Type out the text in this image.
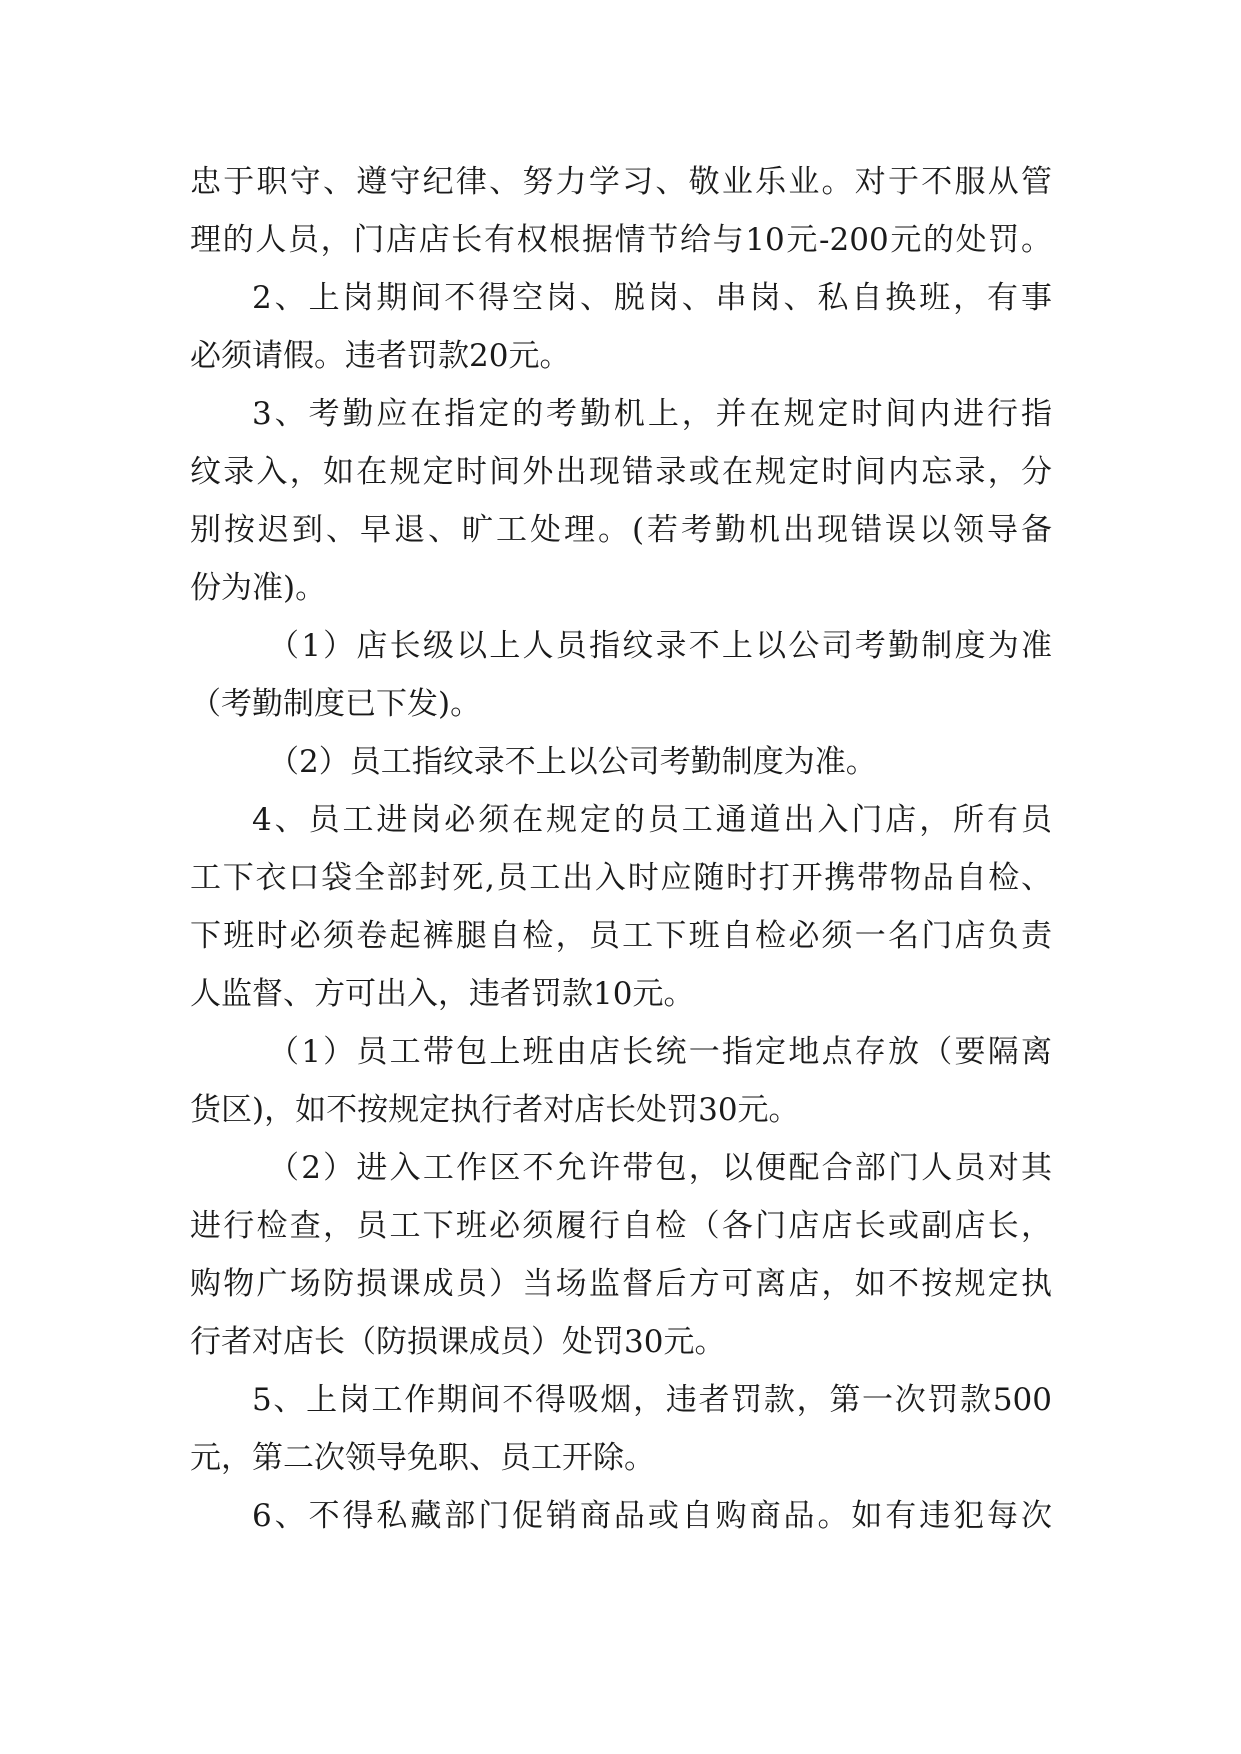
忠于职守、遵守纪律、努力学习、敬业乐业。对于不服从管
理的人员，门店店长有权根据情节给与10元-200元的处罚。
2、上岗期间不得空岗、脱岗、串岗、私自换班，有事
必须请假。违者罚款20元。
3、考勤应在指定的考勤机上，并在规定时间内进行指
纹录入，如在规定时间外出现错录或在规定时间内忘录，分
别按迟到、早退、旷工处理。(若考勤机出现错误以领导备
份为准)。
（1）店长级以上人员指纹录不上以公司考勤制度为准
（考勤制度已下发)。
（2）员工指纹录不上以公司考勤制度为准。
4、员工进岗必须在规定的员工通道出入门店，所有员
工下衣口袋全部封死,员工出入时应随时打开携带物品自检、
下班时必须卷起裤腿自检，员工下班自检必须一名门店负责
人监督、方可出入，违者罚款10元。
（1）员工带包上班由店长统一指定地点存放（要隔离
货区)，如不按规定执行者对店长处罚30元。
（2）进入工作区不允许带包，以便配合部门人员对其
进行检查，员工下班必须履行自检（各门店店长或副店长，
购物广场防损课成员）当场监督后方可离店，如不按规定执
行者对店长（防损课成员）处罚30元。
5、上岗工作期间不得吸烟，违者罚款，第一次罚款500
元，第二次领导免职、员工开除。
6、不得私藏部门促销商品或自购商品。如有违犯每次
